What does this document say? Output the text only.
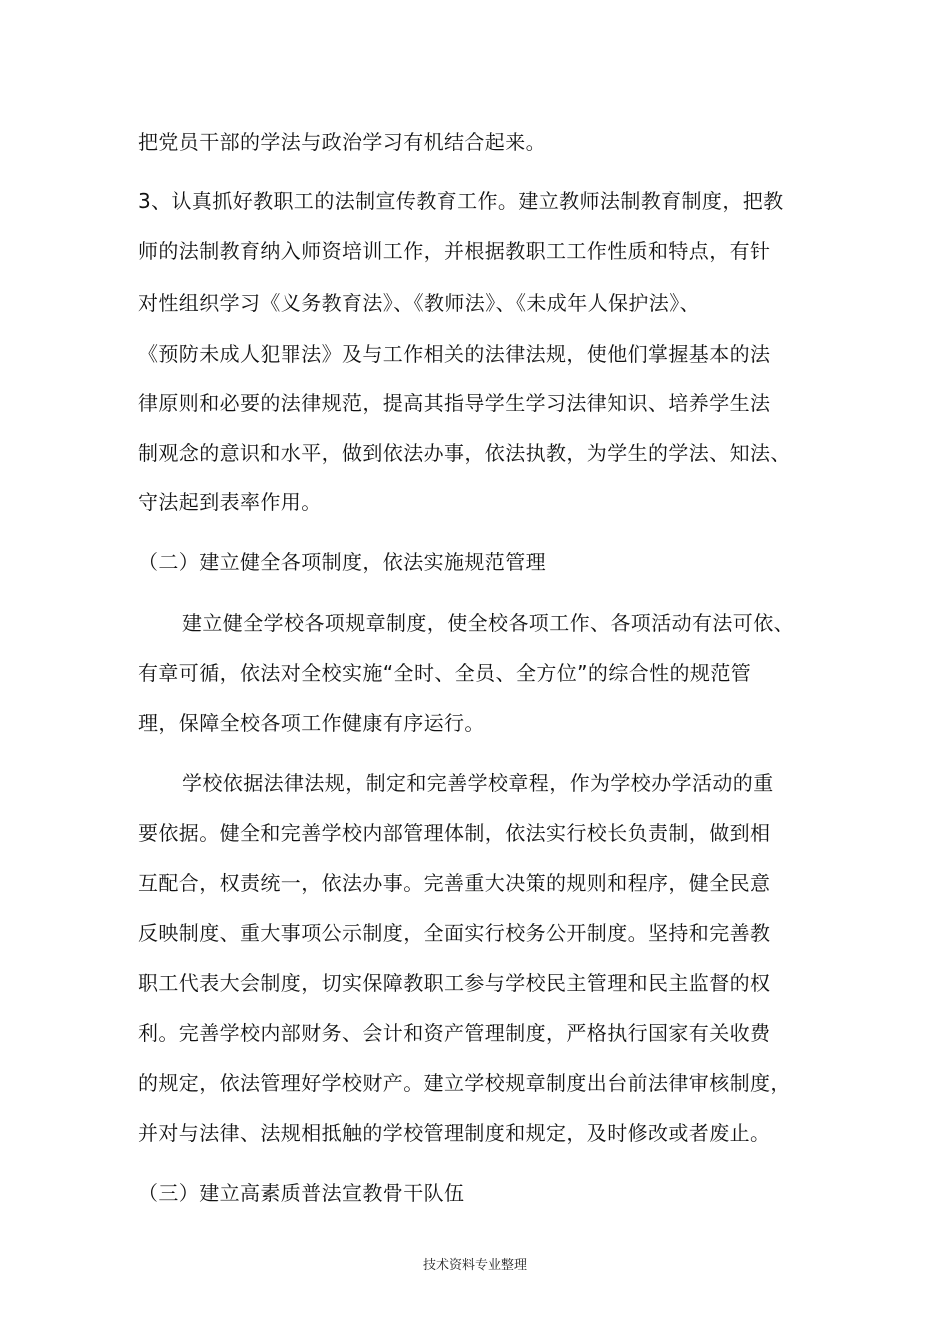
把党员干部的学法与政治学习有机结合起来。
3、认真抓好教职工的法制宣传教育工作。建立教师法制教育制度，把教
师的法制教育纳入师资培训工作，并根据教职工工作性质和特点，有针
对性组织学习《义务教育法》、《教师法》、《未成年人保护法》、
《预防未成人犯罪法》及与工作相关的法律法规，使他们掌握基本的法
律原则和必要的法律规范，提高其指导学生学习法律知识、培养学生法
制观念的意识和水平，做到依法办事，依法执教，为学生的学法、知法、
守法起到表率作用。
（二）建立健全各项制度，依法实施规范管理
建立健全学校各项规章制度，使全校各项工作、各项活动有法可依、
有章可循，依法对全校实施“全时、全员、全方位”的综合性的规范管
理，保障全校各项工作健康有序运行。
学校依据法律法规，制定和完善学校章程，作为学校办学活动的重
要依据。健全和完善学校内部管理体制，依法实行校长负责制，做到相
互配合，权责统一，依法办事。完善重大决策的规则和程序，健全民意
反映制度、重大事项公示制度，全面实行校务公开制度。坚持和完善教
职工代表大会制度，切实保障教职工参与学校民主管理和民主监督的权
利。完善学校内部财务、会计和资产管理制度，严格执行国家有关收费
的规定，依法管理好学校财产。建立学校规章制度出台前法律审核制度，
并对与法律、法规相抵触的学校管理制度和规定，及时修改或者废止。
（三）建立高素质普法宣教骨干队伍
技术资料专业整理
